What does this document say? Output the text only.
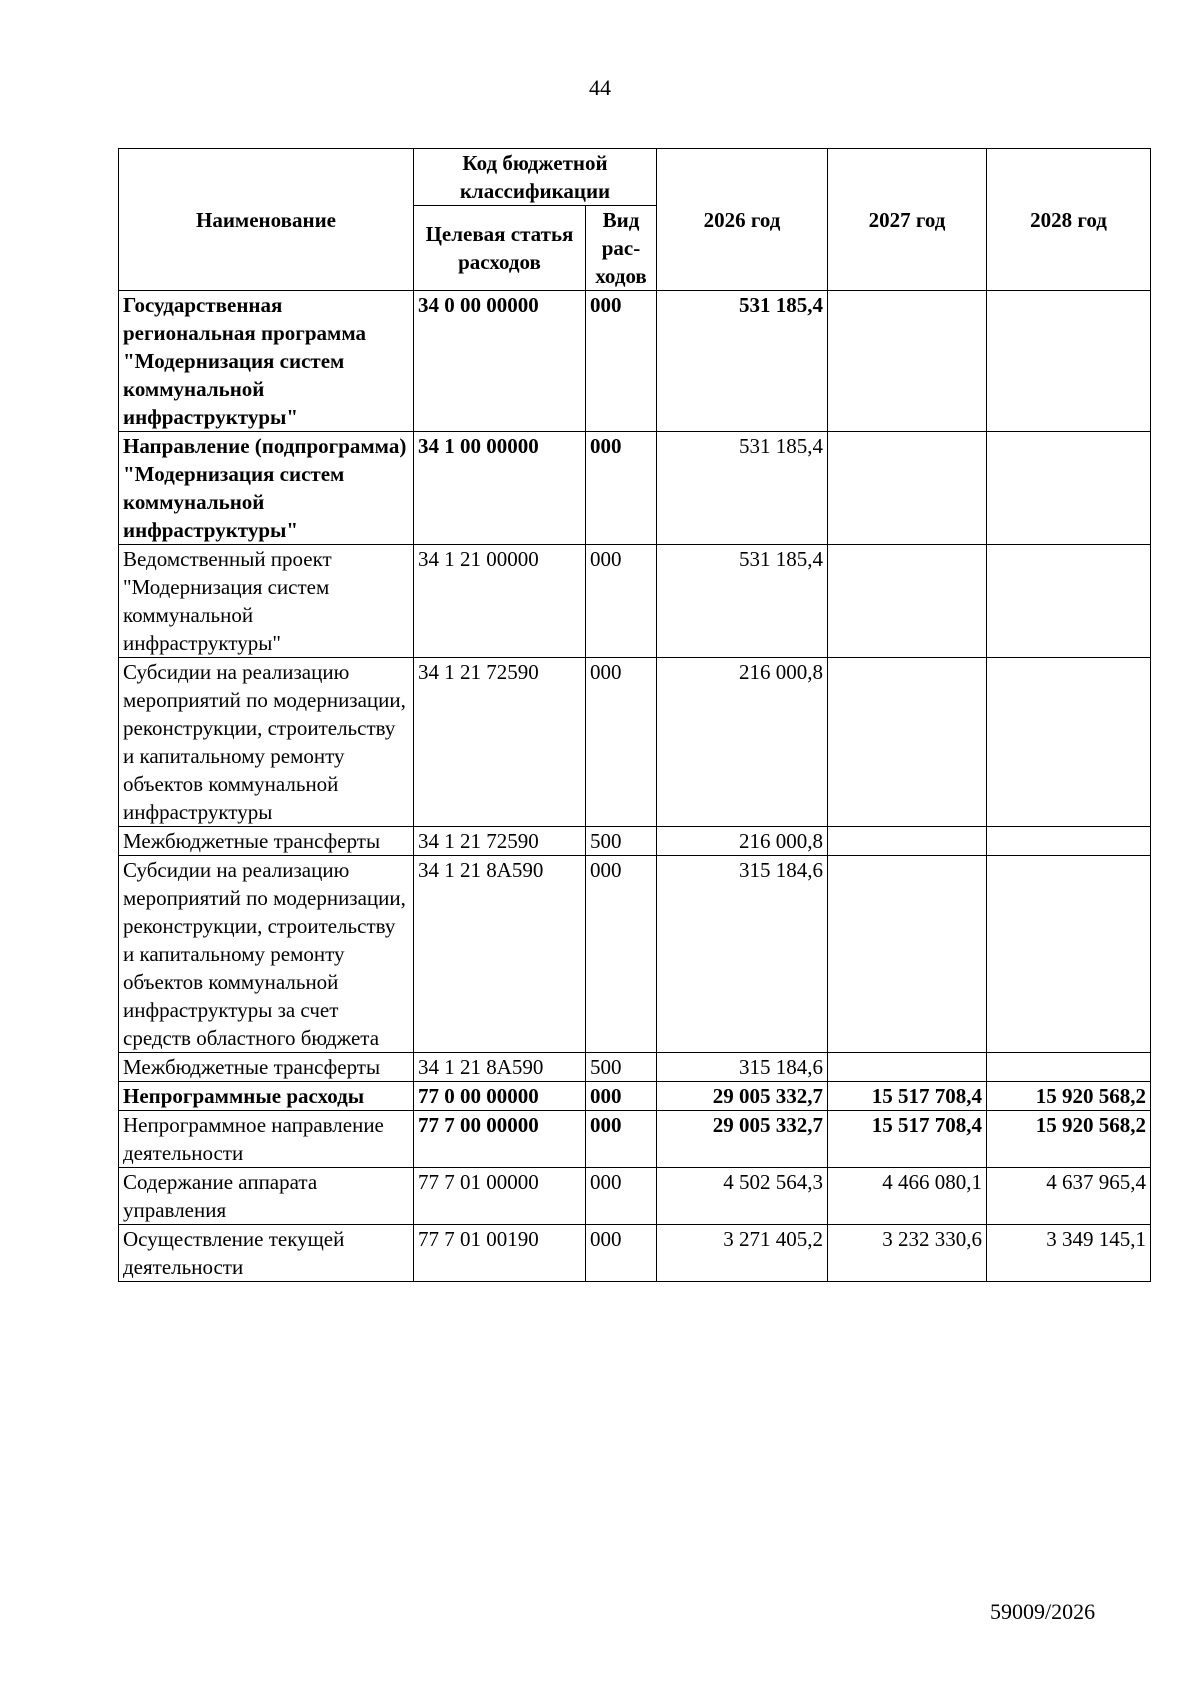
44
Наименование	Код бюджетной классификации		2026 год	2027 год	2028 год
	Целевая статья расходов	Вид рас-ходов			
Государственная региональная программа "Модернизация систем коммунальной инфраструктуры"	34 0 00 00000	000	531 185,4		
Направление (подпрограмма) "Модернизация систем коммунальной инфраструктуры"	34 1 00 00000	000	531 185,4		
Ведомственный проект "Модернизация систем коммунальной инфраструктуры"	34 1 21 00000	000	531 185,4		
Субсидии на реализацию мероприятий по модернизации, реконструкции, строительству и капитальному ремонту объектов коммунальной инфраструктуры	34 1 21 72590	000	216 000,8		
Межбюджетные трансферты	34 1 21 72590	500	216 000,8		
Субсидии на реализацию мероприятий по модернизации, реконструкции, строительству и капитальному ремонту объектов коммунальной инфраструктуры за счет средств областного бюджета	34 1 21 8А590	000	315 184,6		
Межбюджетные трансферты	34 1 21 8А590	500	315 184,6		
Непрограммные расходы	77 0 00 00000	000	29 005 332,7	15 517 708,4	15 920 568,2
Непрограммное направление деятельности	77 7 00 00000	000	29 005 332,7	15 517 708,4	15 920 568,2
Содержание аппарата управления	77 7 01 00000	000	4 502 564,3	4 466 080,1	4 637 965,4
Осуществление текущей деятельности	77 7 01 00190	000	3 271 405,2	3 232 330,6	3 349 145,1
59009/2026
